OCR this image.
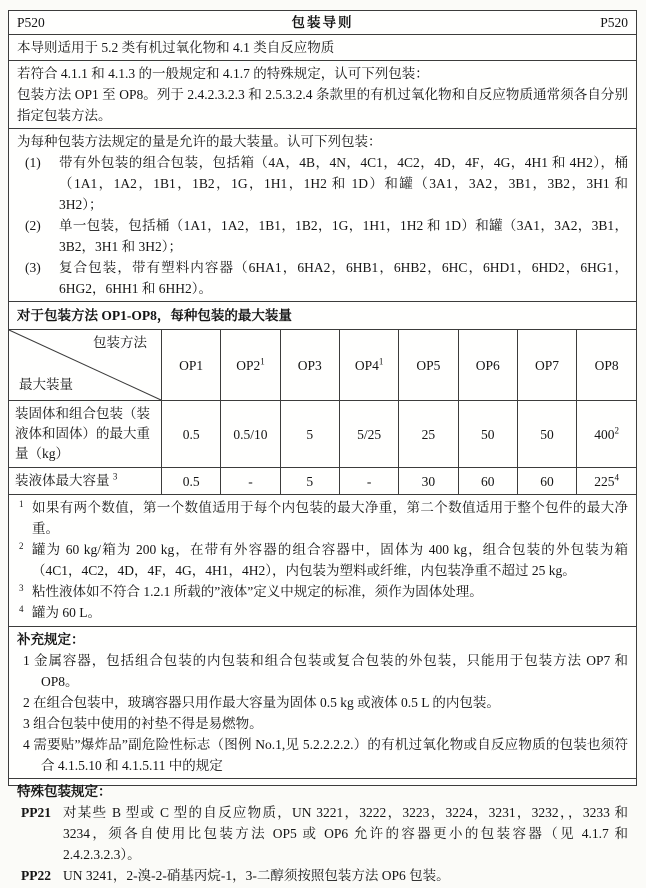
P520	包装导则	P520
本导则适用于 5.2 类有机过氧化物和 4.1 类自反应物质
若符合 4.1.1 和 4.1.3 的一般规定和 4.1.7 的特殊规定，认可下列包装：
包装方法 OP1 至 OP8。列于 2.4.2.3.2.3 和 2.5.3.2.4 条款里的有机过氧化物和自反应物质通常须各自分别指定包装方法。
为每种包装方法规定的量是允许的最大装量。认可下列包装：
(1)	带有外包装的组合包装，包括箱（4A，4B，4N，4C1，4C2，4D，4F，4G，4H1 和 4H2），桶（1A1，1A2，1B1，1B2，1G，1H1，1H2 和 1D）和罐（3A1，3A2，3B1，3B2，3H1 和 3H2）；
(2)	单一包装，包括桶（1A1，1A2，1B1，1B2，1G，1H1，1H2 和 1D）和罐（3A1，3A2，3B1，3B2，3H1 和 3H2）；
(3)	复合包装，带有塑料内容器（6HA1，6HA2，6HB1，6HB2，6HC，6HD1，6HD2，6HG1，6HG2，6HH1 和 6HH2）。
对于包装方法 OP1-OP8，每种包装的最大装量
包装方法
最大装量	OP1	$OP2^1$	OP3	$OP4^1$	OP5	OP6	OP7	OP8
装固体和组合包装（装液体和固体）的最大重量（kg）	0.5	0.5/10	5	5/25	25	50	50	$400^2$
装液体最大容量 $^3$	0.5	-	5	-	30	60	60	$225^4$
1 如果有两个数值，第一个数值适用于每个内包装的最大净重，第二个数值适用于整个包件的最大净重。
2 罐为 60 kg/箱为 200 kg，在带有外容器的组合容器中，固体为 400 kg，组合包装的外包装为箱（4C1，4C2，4D，4F，4G，4H1，4H2），内包装为塑料或纤维，内包装净重不超过 25 kg。
3 粘性液体如不符合 1.2.1 所载的”液体”定义中规定的标准，须作为固体处理。
4 罐为 60 L。
补充规定：
1 金属容器，包括组合包装的内包装和组合包装或复合包装的外包装，只能用于包装方法 OP7 和 OP8。
2 在组合包装中，玻璃容器只用作最大容量为固体 0.5 kg 或液体 0.5 L 的内包装。
3 组合包装中使用的衬垫不得是易燃物。
4 需要贴”爆炸品”副危险性标志（图例 No.1,见 5.2.2.2.2.）的有机过氧化物或自反应物质的包装也须符合 4.1.5.10 和 4.1.5.11 中的规定
特殊包装规定：
PP21 对某些 B 型或 C 型的自反应物质，UN 3221，3222，3223，3224，3231，3232，，3233 和 3234，须各自使用比包装方法 OP5 或 OP6 允许的容器更小的包装容器（见 4.1.7 和 2.4.2.3.2.3）。
PP22 UN 3241，2-溴-2-硝基丙烷-1，3-二醇须按照包装方法 OP6 包装。
